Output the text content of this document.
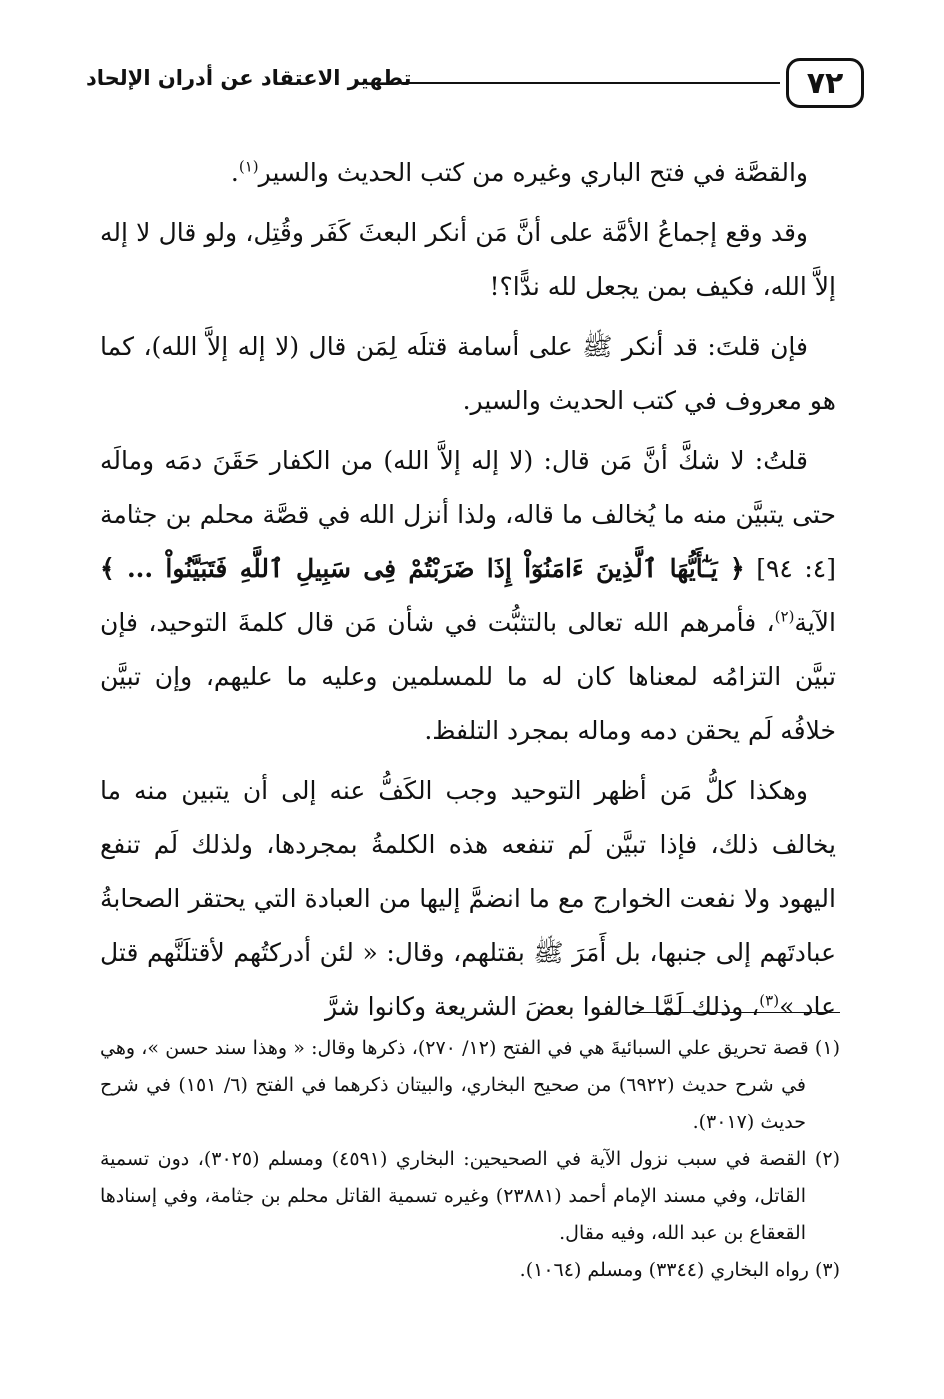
٧٢
تطهير الاعتقاد عن أدران الإلحاد

والقصَّة في فتح الباري وغيره من كتب الحديث والسير$^{(١)}$.

وقد وقع إجماعُ الأمَّة على أنَّ مَن أنكر البعثَ كَفَر وقُتِل، ولو قال لا إله إلاَّ الله، فكيف بمن يجعل لله ندًّا؟!

فإن قلتَ: قد أنكر ﷺ على أسامة قتلَه لِمَن قال (لا إله إلاَّ الله)، كما هو معروف في كتب الحديث والسير.

قلتُ: لا شكَّ أنَّ مَن قال: (لا إله إلاَّ الله) من الكفار حَقَنَ دمَه ومالَه حتى يتبيَّن منه ما يُخالف ما قاله، ولذا أنزل الله في قصَّة محلم بن جثامة [٤: ٩٤] ﴿ يَـٰٓأَيُّهَا ٱلَّذِينَ ءَامَنُوٓاْ إِذَا ضَرَبْتُمْ فِى سَبِيلِ ٱللَّهِ فَتَبَيَّنُواْ ... ﴾ الآية$^{(٢)}$، فأمرهم الله تعالى بالتثبُّت في شأن مَن قال كلمةَ التوحيد، فإن تبيَّن التزامُه لمعناها كان له ما للمسلمين وعليه ما عليهم، وإن تبيَّن خلافُه لَم يحقن دمه وماله بمجرد التلفظ.

وهكذا كلُّ مَن أظهر التوحيد وجب الكَفُّ عنه إلى أن يتبين منه ما يخالف ذلك، فإذا تبيَّن لَم تنفعه هذه الكلمةُ بمجردها، ولذلك لَم تنفع اليهود ولا نفعت الخوارج مع ما انضمَّ إليها من العبادة التي يحتقر الصحابةُ عبادتَهم إلى جنبها، بل أَمَرَ ﷺ بقتلهم، وقال: « لئن أدركتُهم لأقتلَنَّهم قتل عاد »$^{(٣)}$، وذلك لَمَّا خالفوا بعضَ الشريعة وكانوا شرَّ

(١) قصة تحريق علي السبائيةَ هي في الفتح (١٢/ ٢٧٠)، ذكرها وقال: « وهذا سند حسن »، وهي في شرح حديث (٦٩٢٢) من صحيح البخاري، والبيتان ذكرهما في الفتح (٦/ ١٥١) في شرح حديث (٣٠١٧).

(٢) القصة في سبب نزول الآية في الصحيحين: البخاري (٤٥٩١) ومسلم (٣٠٢٥)، دون تسمية القاتل، وفي مسند الإمام أحمد (٢٣٨٨١) وغيره تسمية القاتل محلم بن جثامة، وفي إسنادها القعقاع بن عبد الله، وفيه مقال.

(٣) رواه البخاري (٣٣٤٤) ومسلم (١٠٦٤).
